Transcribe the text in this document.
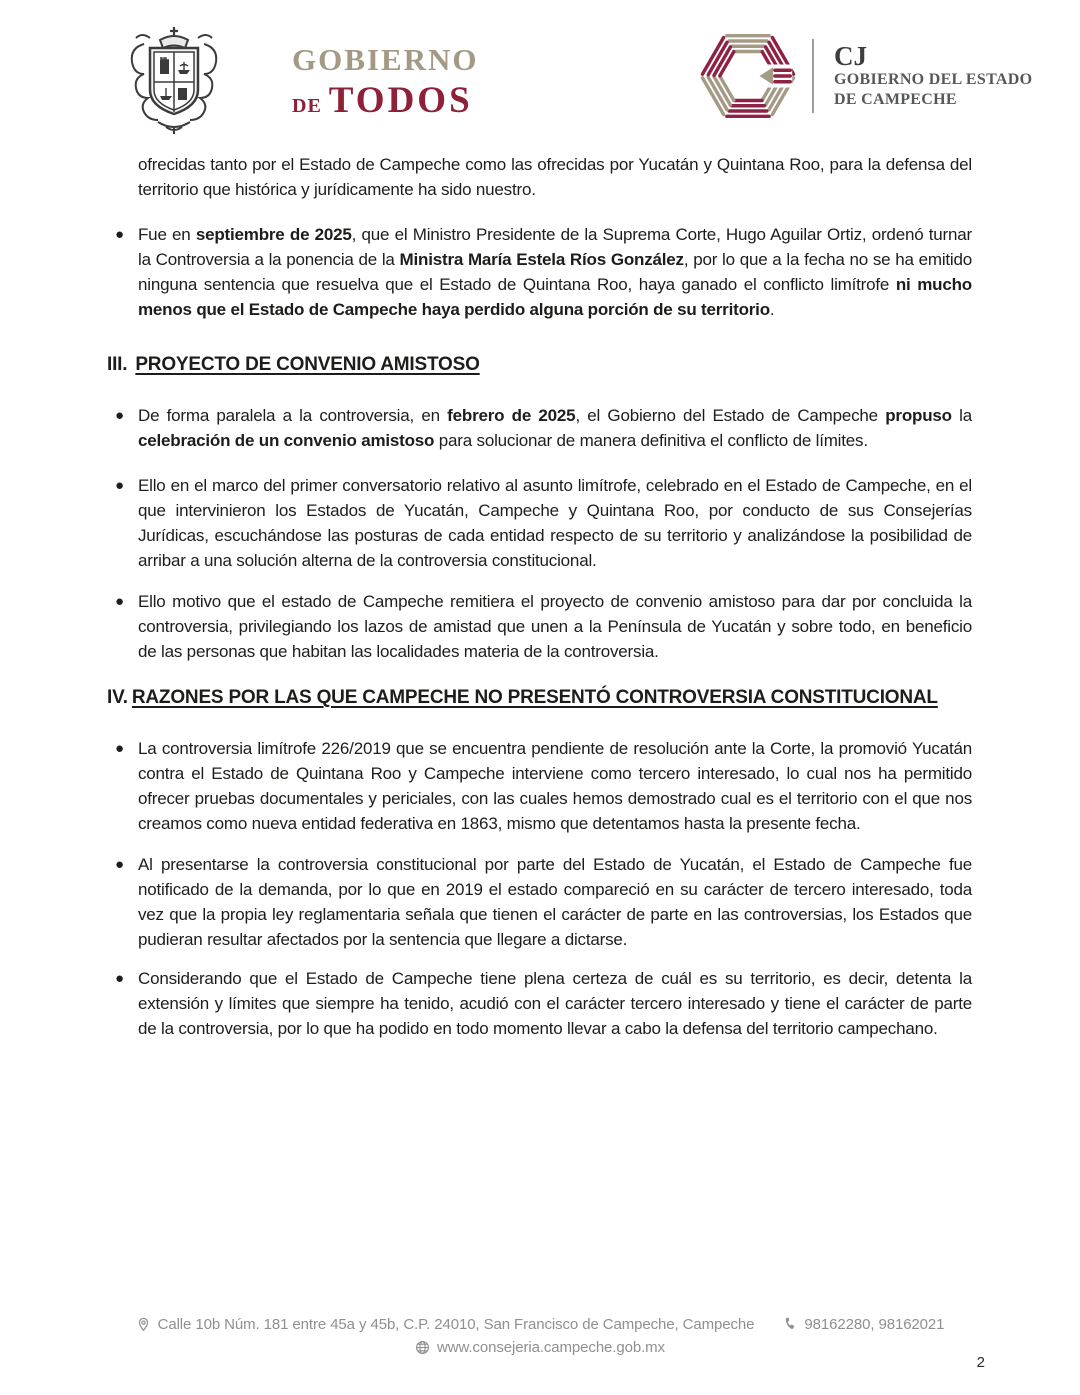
GOBIERNO
DE TODOS
CJ
GOBIERNO DEL ESTADO
DE CAMPECHE

ofrecidas tanto por el Estado de Campeche como las ofrecidas por Yucatán y Quintana Roo, para la defensa del territorio que histórica y jurídicamente ha sido nuestro.

● Fue en septiembre de 2025, que el Ministro Presidente de la Suprema Corte, Hugo Aguilar Ortiz, ordenó turnar la Controversia a la ponencia de la Ministra María Estela Ríos González, por lo que a la fecha no se ha emitido ninguna sentencia que resuelva que el Estado de Quintana Roo, haya ganado el conflicto limítrofe ni mucho menos que el Estado de Campeche haya perdido alguna porción de su territorio.

III. PROYECTO DE CONVENIO AMISTOSO
● De forma paralela a la controversia, en febrero de 2025, el Gobierno del Estado de Campeche propuso la celebración de un convenio amistoso para solucionar de manera definitiva el conflicto de límites.

● Ello en el marco del primer conversatorio relativo al asunto limítrofe, celebrado en el Estado de Campeche, en el que intervinieron los Estados de Yucatán, Campeche y Quintana Roo, por conducto de sus Consejerías Jurídicas, escuchándose las posturas de cada entidad respecto de su territorio y analizándose la posibilidad de arribar a una solución alterna de la controversia constitucional.

● Ello motivo que el estado de Campeche remitiera el proyecto de convenio amistoso para dar por concluida la controversia, privilegiando los lazos de amistad que unen a la Península de Yucatán y sobre todo, en beneficio de las personas que habitan las localidades materia de la controversia.

IV. RAZONES POR LAS QUE CAMPECHE NO PRESENTÓ CONTROVERSIA CONSTITUCIONAL
● La controversia limítrofe 226/2019 que se encuentra pendiente de resolución ante la Corte, la promovió Yucatán contra el Estado de Quintana Roo y Campeche interviene como tercero interesado, lo cual nos ha permitido ofrecer pruebas documentales y periciales, con las cuales hemos demostrado cual es el territorio con el que nos creamos como nueva entidad federativa en 1863, mismo que detentamos hasta la presente fecha.

● Al presentarse la controversia constitucional por parte del Estado de Yucatán, el Estado de Campeche fue notificado de la demanda, por lo que en 2019 el estado compareció en su carácter de tercero interesado, toda vez que la propia ley reglamentaria señala que tienen el carácter de parte en las controversias, los Estados que pudieran resultar afectados por la sentencia que llegare a dictarse.

● Considerando que el Estado de Campeche tiene plena certeza de cuál es su territorio, es decir, detenta la extensión y límites que siempre ha tenido, acudió con el carácter tercero interesado y tiene el carácter de parte de la controversia, por lo que ha podido en todo momento llevar a cabo la defensa del territorio campechano.

Calle 10b Núm. 181 entre 45a y 45b, C.P. 24010, San Francisco de Campeche, Campeche	98162280, 98162021
www.consejeria.campeche.gob.mx
2
